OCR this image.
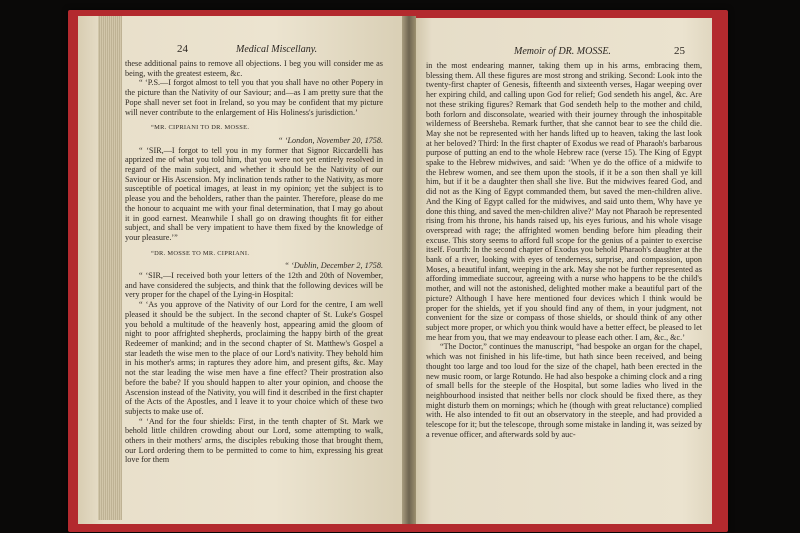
24	Medical Miscellany.
these additional pains to remove all objections. I beg you will consider me as being, with the greatest esteem, &c.
“ ‘P.S.—I forgot almost to tell you that you shall have no other Popery in the picture than the Nativity of our Saviour; and—as I am pretty sure that the Pope shall never set foot in Ireland, so you may be confident that my picture will never contribute to the enlargement of His Holiness's jurisdiction.’
“MR. CIPRIANI TO DR. MOSSE.
“ ‘London, November 20, 1758.
“ ‘SIR,—I forgot to tell you in my former that Signor Riccardelli has apprized me of what you told him, that you were not yet entirely resolved in regard of the main subject, and whether it should be the Nativity of our Saviour or His Ascension. My inclination tends rather to the Nativity, as more susceptible of poetical images, at least in my opinion; yet the subject is to please you and the beholders, rather than the painter. Therefore, please do me the honour to acquaint me with your final determination, that I may go about it in good earnest. Meanwhile I shall go on drawing thoughts fit for either subject, and shall be very impatient to have them fixed by the knowledge of your pleasure.’”
“DR. MOSSE TO MR. CIPRIANI.
“ ‘Dublin, December 2, 1758.
“ ‘SIR,—I received both your letters of the 12th and 20th of November, and have considered the subjects, and think that the following devices will be very proper for the chapel of the Lying-in Hospital:
“ ‘As you approve of the Nativity of our Lord for the centre, I am well pleased it should be the subject. In the second chapter of St. Luke's Gospel you behold a multitude of the heavenly host, appearing amid the gloom of night to poor affrighted shepherds, proclaiming the happy birth of the great Redeemer of mankind; and in the second chapter of St. Matthew's Gospel a star leadeth the wise men to the place of our Lord's nativity. They behold him in his mother's arms; in raptures they adore him, and present gifts, &c. May not the star leading the wise men have a fine effect? Their prostration also before the babe? If you should happen to alter your opinion, and choose the Ascension instead of the Nativity, you will find it described in the first chapter of the Acts of the Apostles, and I leave it to your choice which of these two subjects to make use of.
“ ‘And for the four shields: First, in the tenth chapter of St. Mark we behold little children crowding about our Lord, some attempting to walk, others in their mothers' arms, the disciples rebuking those that brought them, our Lord ordering them to be permitted to come to him, expressing his great love for them
Memoir of DR. MOSSE.	25
in the most endearing manner, taking them up in his arms, embracing them, blessing them. All these figures are most strong and striking. Second: Look into the twenty-first chapter of Genesis, fifteenth and sixteenth verses, Hagar weeping over her expiring child, and calling upon God for relief; God sendeth his angel, &c. Are not these striking figures? Remark that God sendeth help to the mother and child, both forlorn and disconsolate, wearied with their journey through the inhospitable wilderness of Beersheba. Remark further, that she cannot bear to see the child die. May she not be represented with her hands lifted up to heaven, taking the last look at her beloved? Third: In the first chapter of Exodus we read of Pharaoh's barbarous purpose of putting an end to the whole Hebrew race (verse 15). The King of Egypt spake to the Hebrew midwives, and said: ‘When ye do the office of a midwife to the Hebrew women, and see them upon the stools, if it be a son then shall ye kill him, but if it be a daughter then shall she live. But the midwives feared God, and did not as the King of Egypt commanded them, but saved the men-children alive. And the King of Egypt called for the midwives, and said unto them, Why have ye done this thing, and saved the men-children alive?’ May not Pharaoh be represented rising from his throne, his hands raised up, his eyes furious, and his whole visage overspread with rage; the affrighted women bending before him pleading their excuse. This story seems to afford full scope for the genius of a painter to exercise itself. Fourth: In the second chapter of Exodus you behold Pharaoh's daughter at the bank of a river, looking with eyes of tenderness, surprise, and compassion, upon Moses, a beautiful infant, weeping in the ark. May she not be further represented as affording immediate succour, agreeing with a nurse who happens to be the child's mother, and will not the astonished, delighted mother make a beautiful part of the picture? Although I have here mentioned four devices which I think would be proper for the shields, yet if you should find any of them, in your judgment, not convenient for the size or compass of those shields, or should think of any other subject more proper, or which you think would have a better effect, be pleased to let me hear from you, that we may endeavour to please each other. I am, &c., &c.’
“The Doctor,” continues the manuscript, “had bespoke an organ for the chapel, which was not finished in his life-time, but hath since been received, and being thought too large and too loud for the size of the chapel, hath been erected in the new music room, or large Rotundo. He had also bespoke a chiming clock and a ring of small bells for the steeple of the Hospital, but some ladies who lived in the neighbourhood insisted that neither bells nor clock should be fixed there, as they might disturb them on mornings; which he (though with great reluctance) complied with. He also intended to fit out an observatory in the steeple, and had provided a telescope for it; but the telescope, through some mistake in landing it, was seized by a revenue officer, and afterwards sold by auc-
